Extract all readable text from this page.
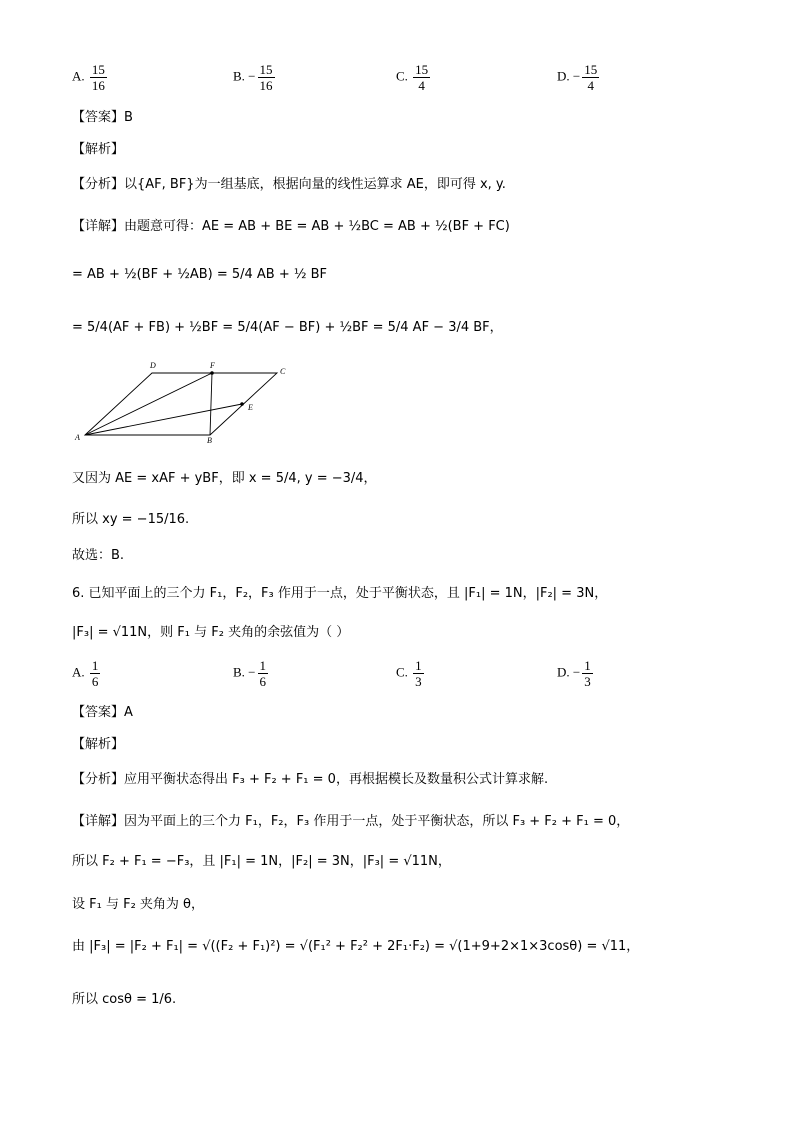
A. $\frac{15}{16}$	B. − $\frac{15}{16}$	C. $\frac{15}{4}$	D. − $\frac{15}{4}$
【答案】B
【解析】
【分析】以{AF, BF}为一组基底，根据向量的线性运算求 AE，即可得 x, y.
【详解】由题意可得：AE = AB + BE = AB + ½BC = AB + ½(BF + FC)
= AB + ½(BF + ½AB) = 5/4 AB + ½ BF
= 5/4(AF + FB) + ½BF = 5/4(AF − BF) + ½BF = 5/4 AF − 3/4 BF，
A	B
C
D
E
F
又因为 AE = xAF + yBF，即 x = 5/4, y = −3/4，
所以 xy = −15/16.
故选：B.
6. 已知平面上的三个力 F₁，F₂，F₃ 作用于一点，处于平衡状态，且 |F₁| = 1N，|F₂| = 3N，
|F₃| = √11N，则 F₁ 与 F₂ 夹角的余弦值为（ ）
A. $\frac{1}{6}$	B. − $\frac{1}{6}$	C. $\frac{1}{3}$	D. − $\frac{1}{3}$
【答案】A
【解析】
【分析】应用平衡状态得出 F₃ + F₂ + F₁ = 0，再根据模长及数量积公式计算求解.
【详解】因为平面上的三个力 F₁，F₂，F₃ 作用于一点，处于平衡状态，所以 F₃ + F₂ + F₁ = 0，
所以 F₂ + F₁ = −F₃，且 |F₁| = 1N，|F₂| = 3N，|F₃| = √11N，
设 F₁ 与 F₂ 夹角为 θ，
由 |F₃| = |F₂ + F₁| = √((F₂ + F₁)²) = √(F₁² + F₂² + 2F₁·F₂) = √(1+9+2×1×3cosθ) = √11，
所以 cosθ = 1/6.
